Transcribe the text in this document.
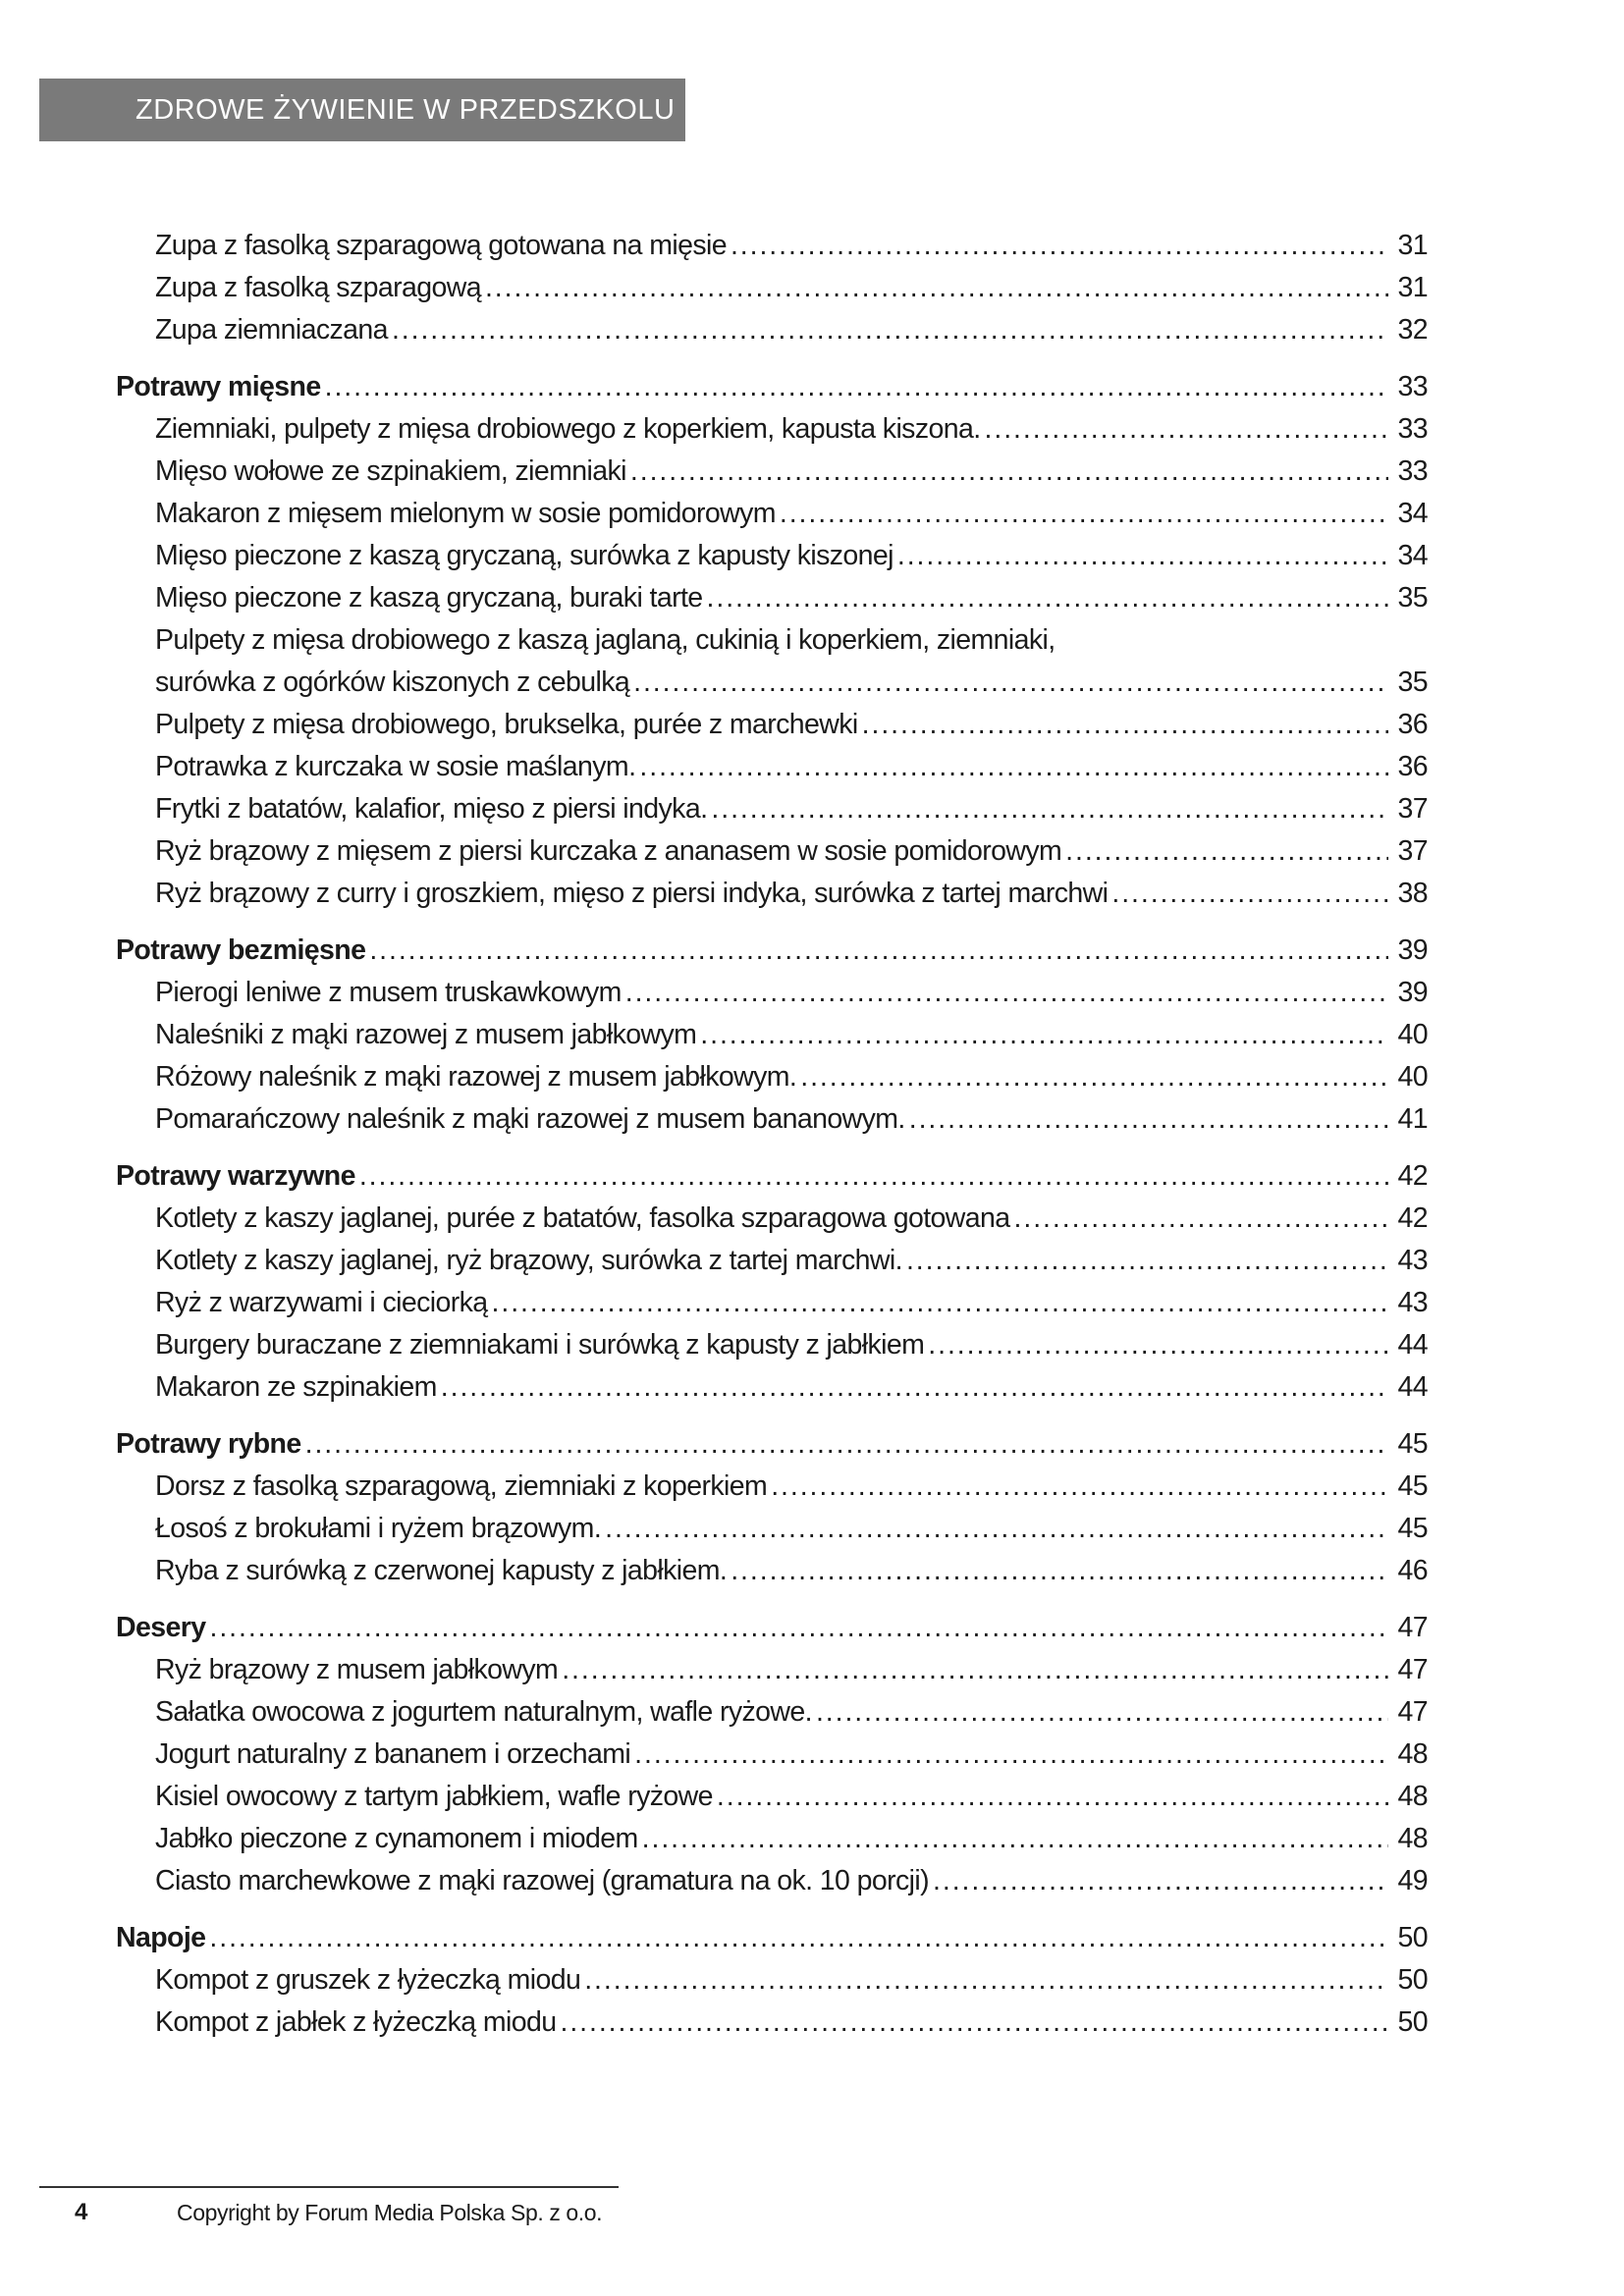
ZDROWE ŻYWIENIE W PRZEDSZKOLU
Zupa z fasolką szparagową gotowana na mięsie . . .	31
Zupa z fasolką szparagową . . .	31
Zupa ziemniaczana . . .	32
Potrawy mięsne . . .	33
Ziemniaki, pulpety z mięsa drobiowego z koperkiem, kapusta kiszona. . . .	33
Mięso wołowe ze szpinakiem, ziemniaki . . .	33
Makaron z mięsem mielonym w sosie pomidorowym . . .	34
Mięso pieczone z kaszą gryczaną, surówka z kapusty kiszonej . . .	34
Mięso pieczone z kaszą gryczaną, buraki tarte . . .	35
Pulpety z mięsa drobiowego z kaszą jaglaną, cukinią i koperkiem, ziemniaki,
surówka z ogórków kiszonych z cebulką . . .	35
Pulpety z mięsa drobiowego, brukselka, purée z marchewki . . .	36
Potrawka z kurczaka w sosie maślanym. . . .	36
Frytki z batatów, kalafior, mięso z piersi indyka. . . .	37
Ryż brązowy z mięsem z piersi kurczaka z ananasem w sosie pomidorowym . . .	37
Ryż brązowy z curry i groszkiem, mięso z piersi indyka, surówka z tartej marchwi . . .	38
Potrawy bezmięsne . . .	39
Pierogi leniwe z musem truskawkowym . . .	39
Naleśniki z mąki razowej z musem jabłkowym . . .	40
Różowy naleśnik z mąki razowej z musem jabłkowym. . . .	40
Pomarańczowy naleśnik z mąki razowej z musem bananowym. . . .	41
Potrawy warzywne . . .	42
Kotlety z kaszy jaglanej, purée z batatów, fasolka szparagowa gotowana . . .	42
Kotlety z kaszy jaglanej, ryż brązowy, surówka z tartej marchwi. . . .	43
Ryż z warzywami i cieciorką . . .	43
Burgery buraczane z ziemniakami i surówką z kapusty z jabłkiem . . .	44
Makaron ze szpinakiem . . .	44
Potrawy rybne . . .	45
Dorsz z fasolką szparagową, ziemniaki z koperkiem . . .	45
Łosoś z brokułami i ryżem brązowym. . . .	45
Ryba z surówką z czerwonej kapusty z jabłkiem. . . .	46
Desery . . .	47
Ryż brązowy z musem jabłkowym . . .	47
Sałatka owocowa z jogurtem naturalnym, wafle ryżowe. . . .	47
Jogurt naturalny z bananem i orzechami . . .	48
Kisiel owocowy z tartym jabłkiem, wafle ryżowe . . .	48
Jabłko pieczone z cynamonem i miodem . . .	48
Ciasto marchewkowe z mąki razowej (gramatura na ok. 10 porcji) . . .	49
Napoje . . .	50
Kompot z gruszek z łyżeczką miodu . . .	50
Kompot z jabłek z łyżeczką miodu . . .	50
4	Copyright by Forum Media Polska Sp. z o.o.
